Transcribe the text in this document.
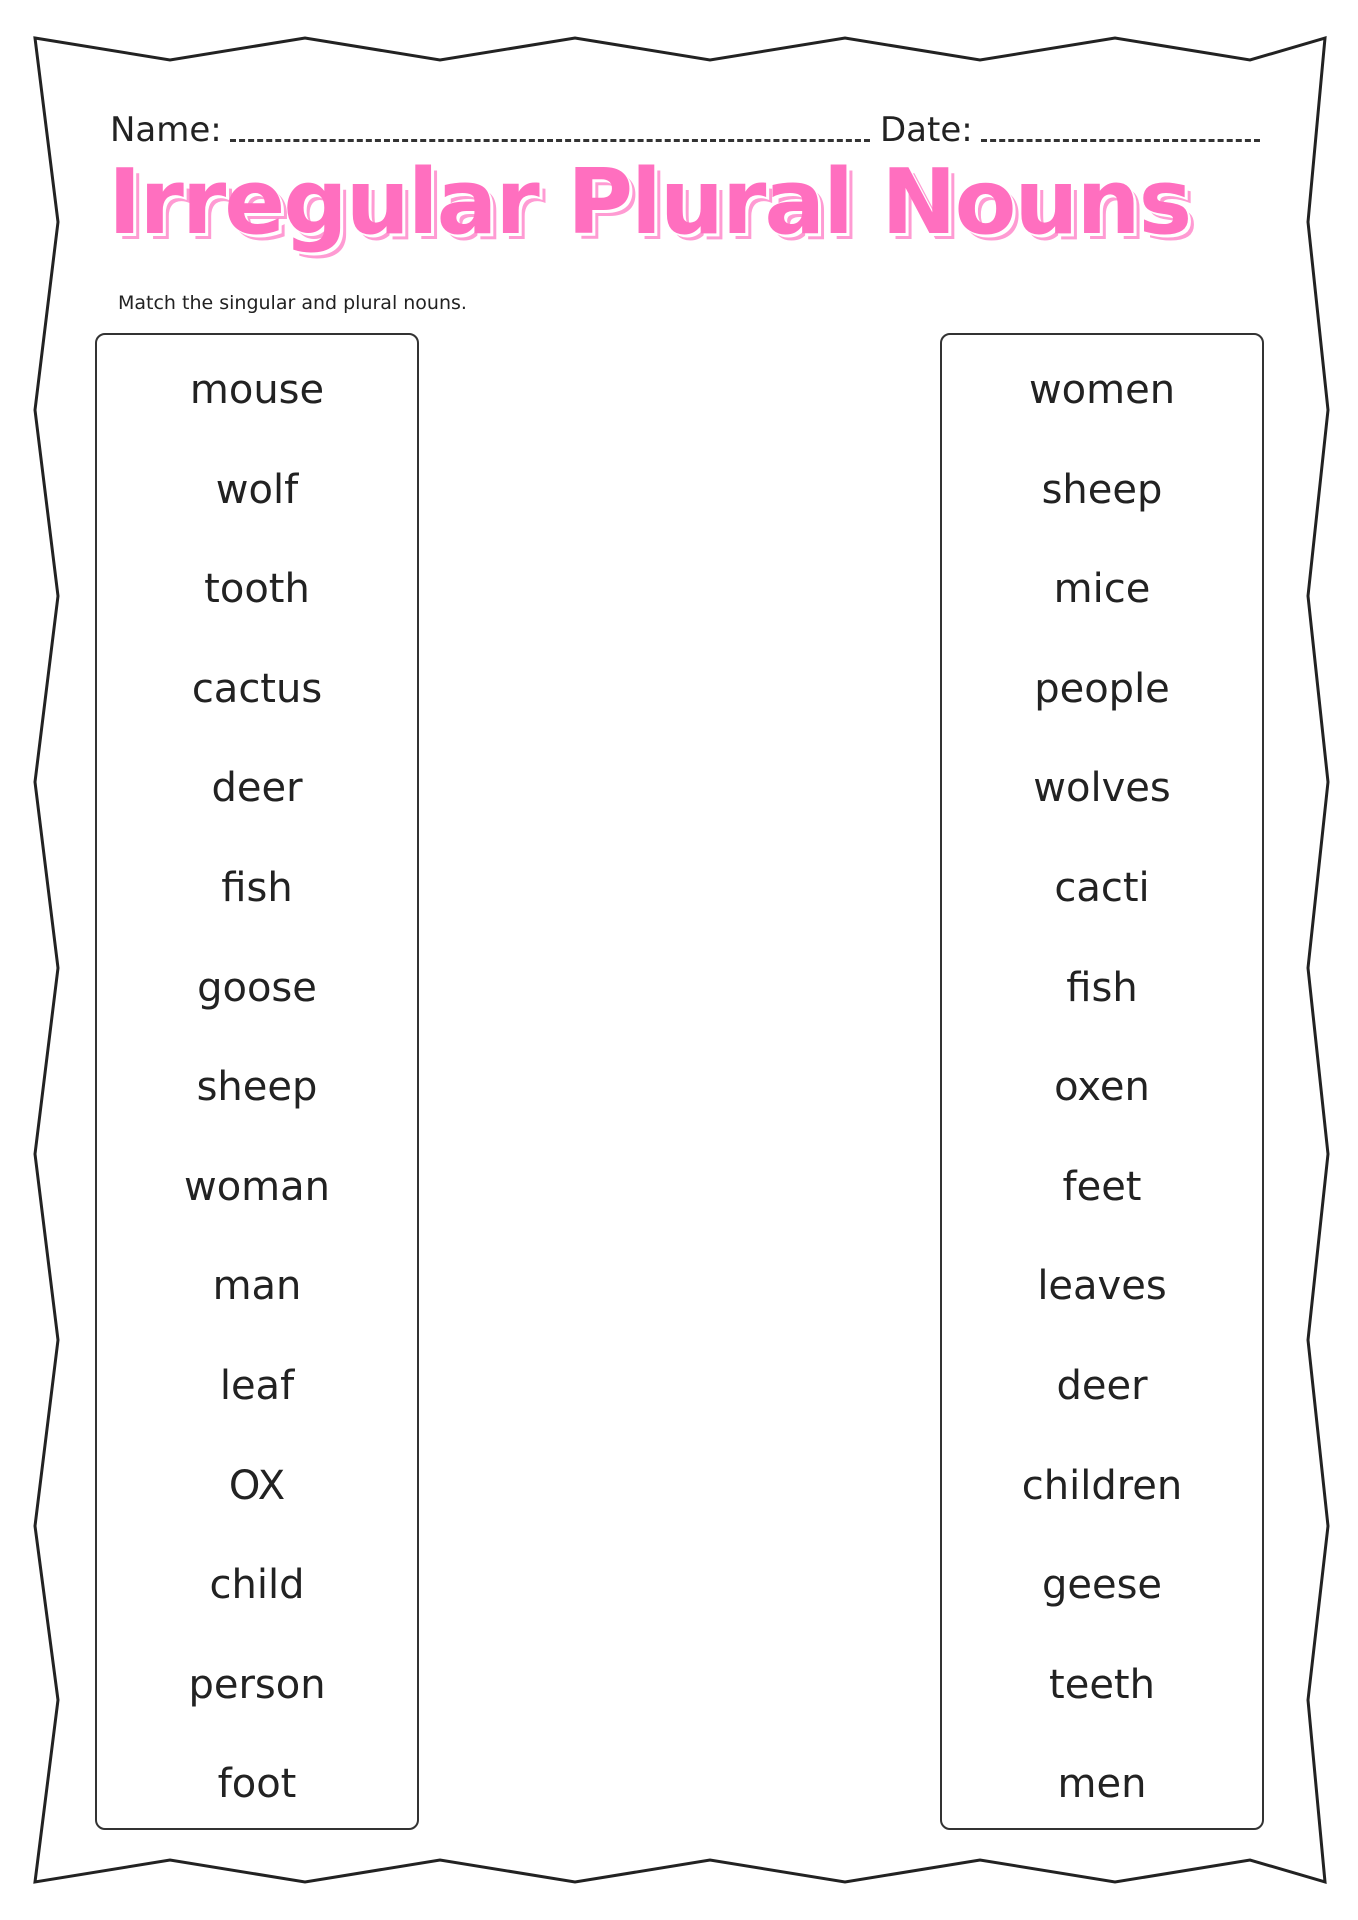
Name:	Date:
Irregular Plural Nouns
Match the singular and plural nouns.
mouse
wolf
tooth
cactus
deer
fish
goose
sheep
woman
man
leaf
OX
child
person
foot
women
sheep
mice
people
wolves
cacti
fish
oxen
feet
leaves
deer
children
geese
teeth
men
